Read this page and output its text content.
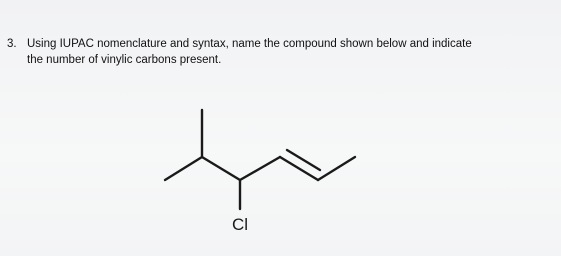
3. Using IUPAC nomenclature and syntax, name the compound shown below and indicate
the number of vinylic carbons present.
Cl
